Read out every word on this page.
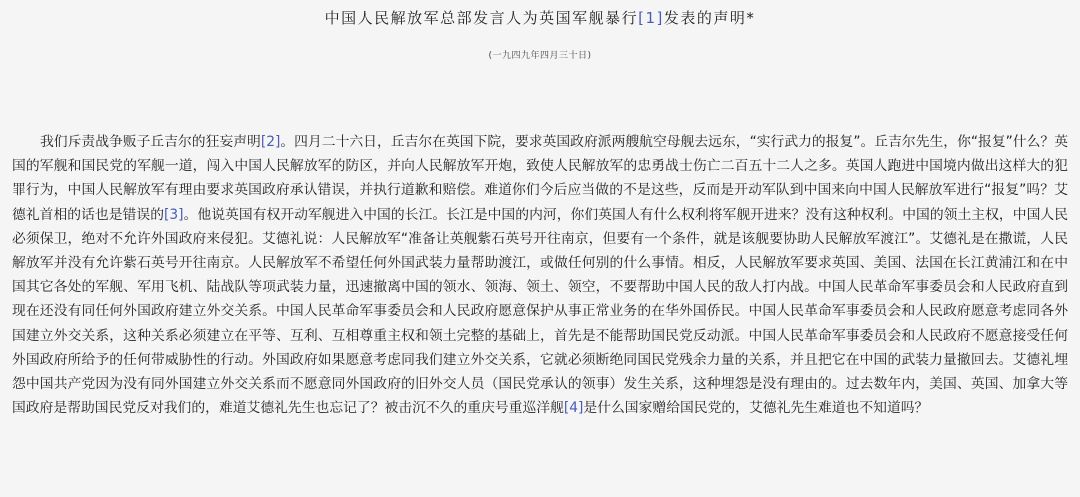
中国人民解放军总部发言人为英国军舰暴行[1]发表的声明*
(一九四九年四月三十日)

我们斥责战争贩子丘吉尔的狂妄声明[2]。四月二十六日，丘吉尔在英国下院，要求英国政府派两艘航空母舰去远东，“实行武力的报复”。丘吉尔先生，你“报复”什么？英国的军舰和国民党的军舰一道，闯入中国人民解放军的防区，并向人民解放军开炮，致使人民解放军的忠勇战士伤亡二百五十二人之多。英国人跑进中国境内做出这样大的犯罪行为，中国人民解放军有理由要求英国政府承认错误，并执行道歉和赔偿。难道你们今后应当做的不是这些，反而是开动军队到中国来向中国人民解放军进行“报复”吗？艾德礼首相的话也是错误的[3]。他说英国有权开动军舰进入中国的长江。长江是中国的内河，你们英国人有什么权利将军舰开进来？没有这种权利。中国的领土主权，中国人民必须保卫，绝对不允许外国政府来侵犯。艾德礼说：人民解放军“准备让英舰紫石英号开往南京，但要有一个条件，就是该舰要协助人民解放军渡江”。艾德礼是在撒谎，人民解放军并没有允许紫石英号开往南京。人民解放军不希望任何外国武装力量帮助渡江，或做任何别的什么事情。相反，人民解放军要求英国、美国、法国在长江黄浦江和在中国其它各处的军舰、军用飞机、陆战队等项武装力量，迅速撤离中国的领水、领海、领土、领空，不要帮助中国人民的敌人打内战。中国人民革命军事委员会和人民政府直到现在还没有同任何外国政府建立外交关系。中国人民革命军事委员会和人民政府愿意保护从事正常业务的在华外国侨民。中国人民革命军事委员会和人民政府愿意考虑同各外国建立外交关系，这种关系必须建立在平等、互利、互相尊重主权和领土完整的基础上，首先是不能帮助国民党反动派。中国人民革命军事委员会和人民政府不愿意接受任何外国政府所给予的任何带威胁性的行动。外国政府如果愿意考虑同我们建立外交关系，它就必须断绝同国民党残余力量的关系，并且把它在中国的武装力量撤回去。艾德礼埋怨中国共产党因为没有同外国建立外交关系而不愿意同外国政府的旧外交人员（国民党承认的领事）发生关系，这种埋怨是没有理由的。过去数年内，美国、英国、加拿大等国政府是帮助国民党反对我们的，难道艾德礼先生也忘记了？被击沉不久的重庆号重巡洋舰[4]是什么国家赠给国民党的，艾德礼先生难道也不知道吗？
